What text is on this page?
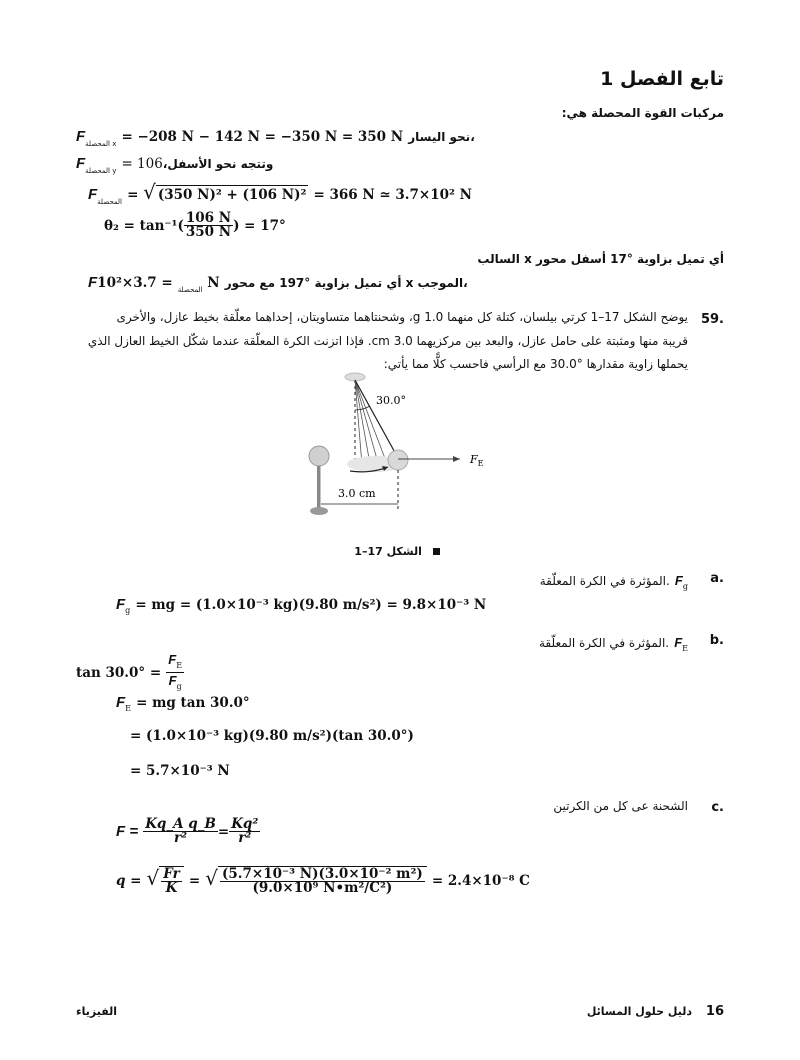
تابع الفصل 1
مركبات القوة المحصلة هي:
$F_{المحصلة x} = -208$ N − 142 N = −350 N = 350 N نحو اليسار،
$F_{المحصلة y}$ = 106،وتتجه نحو الأسفل
$F_{المحصلة}$ = √ (350 N)² + (106 N)² = 366 N ≃ 3.7×10² N
$\theta_2 = \tan^{-1}( \frac{106 N}{350 N}$ ) = 17°
أي تميل بزاوية °17 أسفل محور x السالب
F	$_{المحصلة}$ = 3.7×10² N أي تميل بزاوية °197 مع محور x الموجب،
59.
يوضح الشكل 17–1 كرتي بيلسان، كتلة كل منهما 1.0 g، وشحنتاهما متساويتان، إحداهما معلّقة بخيط عازل، والأخرى
قريبة منها ومثبتة على حامل عازل، والبعد بين مركزيهما 3.0 cm. فإذا اتزنت الكرة المعلّقة عندما شكّل الخيط العازل الذي
يحملها زاوية مقدارها °30.0 مع الرأسي فاحسب كلًّا مما يأتي:
30.0°
$F_E$
3.0 cm
الشكل 17–1
a.
المؤثرة في الكرة المعلّقة. $F_g$
$F_g$ = mg = (1.0×10⁻³ kg)(9.80 m/s²) = 9.8×10⁻³ N
b.
المؤثرة في الكرة المعلّقة. $F_E$
$\tan 30.0^\circ = \frac{F_E}{F_g}$
$F_E$ = mg tan 30.0°
= (1.0×10⁻³ kg)(9.80 m/s²)(tan 30.0°)
= 5.7×10⁻³ N
c.
الشحنة عى كل من الكرتين
$F = \frac{\text{Kq\_A q\_B}}{\text{r²}} = \frac{\text{Kq²}}{\text{r²}}$
q = √ $\frac{Fr}{K}$ = √ $\frac{\text{(5.7×10⁻³ N)(3.0×10⁻² m²)}}{\text{(9.0×10⁹ N•m²/C²)}} = 2.4\times 10^{-8}$ C
16
دليل حلول المسائل
الفيزياء
